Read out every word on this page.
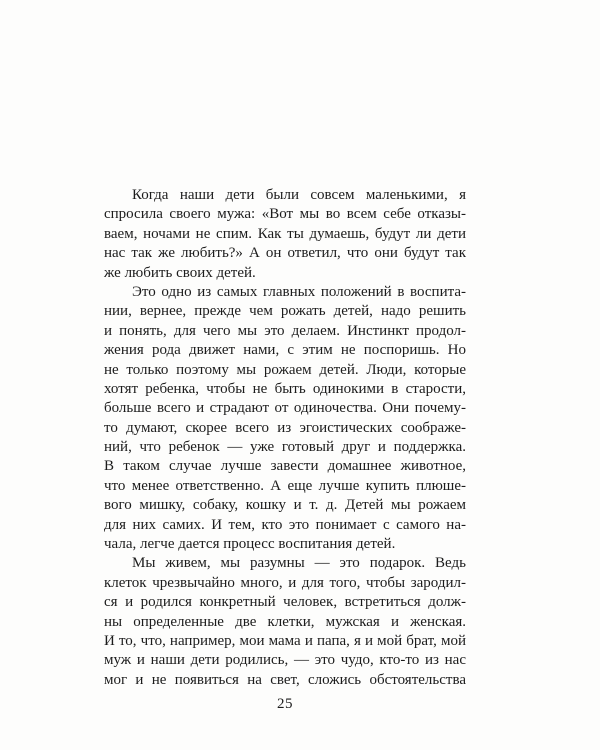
Когда наши дети были совсем маленькими, я
спросила своего мужа: «Вот мы во всем себе отказы-
ваем, ночами не спим. Как ты думаешь, будут ли дети
нас так же любить?» А он ответил, что они будут так
же любить своих детей.
Это одно из самых главных положений в воспита-
нии, вернее, прежде чем рожать детей, надо решить
и понять, для чего мы это делаем. Инстинкт продол-
жения рода движет нами, с этим не поспоришь. Но
не только поэтому мы рожаем детей. Люди, которые
хотят ребенка, чтобы не быть одинокими в старости,
больше всего и страдают от одиночества. Они почему-
то думают, скорее всего из эгоистических соображе-
ний, что ребенок — уже готовый друг и поддержка.
В таком случае лучше завести домашнее животное,
что менее ответственно. А еще лучше купить плюше-
вого мишку, собаку, кошку и т. д. Детей мы рожаем
для них самих. И тем, кто это понимает с самого на-
чала, легче дается процесс воспитания детей.
Мы живем, мы разумны — это подарок. Ведь
клеток чрезвычайно много, и для того, чтобы зародил-
ся и родился конкретный человек, встретиться долж-
ны определенные две клетки, мужская и женская.
И то, что, например, мои мама и папа, я и мой брат, мой
муж и наши дети родились, — это чудо, кто-то из нас
мог и не появиться на свет, сложись обстоятельства
25
